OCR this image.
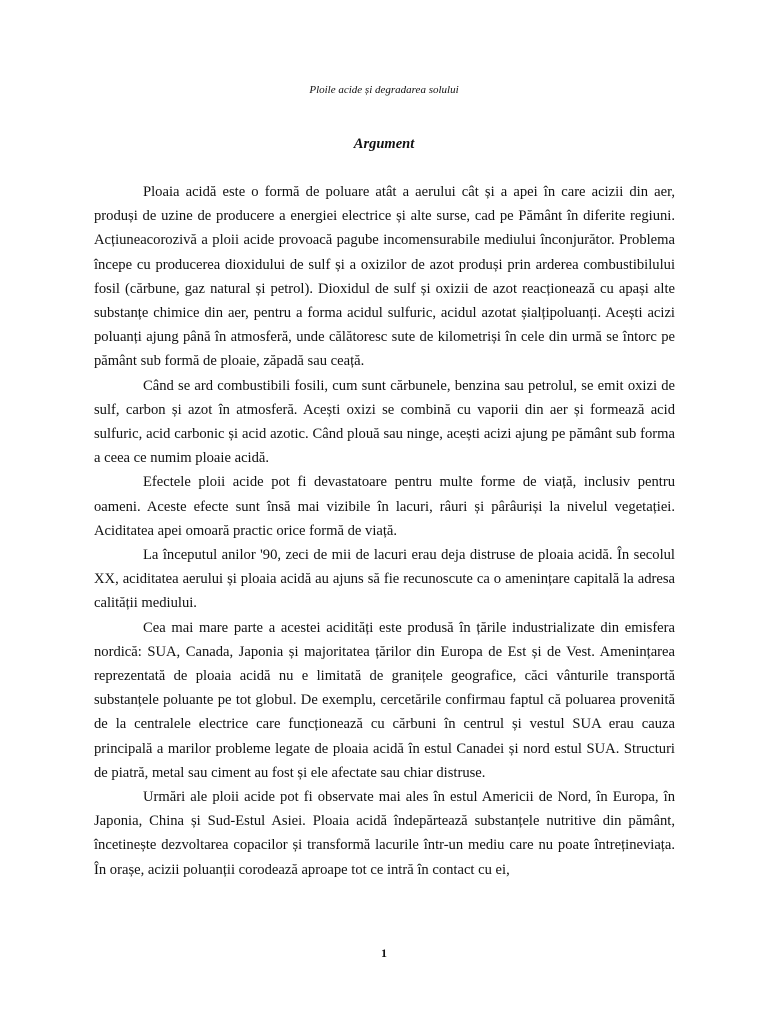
Ploile acide și degradarea solului
Argument

Ploaia acidă este o formă de poluare atât a aerului cât și a apei în care acizii din aer, produși de uzine de producere a energiei electrice și alte surse, cad pe Pământ în diferite regiuni. Acțiuneacorozivă a ploii acide provoacă pagube incomensurabile mediului înconjurător. Problema începe cu producerea dioxidului de sulf și a oxizilor de azot produși prin arderea combustibilului fosil (cărbune, gaz natural și petrol). Dioxidul de sulf și oxizii de azot reacționează cu apași alte substanțe chimice din aer, pentru a forma acidul sulfuric, acidul azotat șialțipoluanți. Acești acizi poluanți ajung până în atmosferă, unde călătoresc sute de kilometriși în cele din urmă se întorc pe pământ sub formă de ploaie, zăpadă sau ceață.

Când se ard combustibili fosili, cum sunt cărbunele, benzina sau petrolul, se emit oxizi de sulf, carbon și azot în atmosferă. Acești oxizi se combină cu vaporii din aer și formează acid sulfuric, acid carbonic și acid azotic. Când plouă sau ninge, acești acizi ajung pe pământ sub forma a ceea ce numim ploaie acidă.

Efectele ploii acide pot fi devastatoare pentru multe forme de viață, inclusiv pentru oameni. Aceste efecte sunt însă mai vizibile în lacuri, râuri și pârâuriși la nivelul vegetației. Aciditatea apei omoară practic orice formă de viață.

La începutul anilor '90, zeci de mii de lacuri erau deja distruse de ploaia acidă. În secolul XX, aciditatea aerului și ploaia acidă au ajuns să fie recunoscute ca o amenințare capitală la adresa calității mediului.

Cea mai mare parte a acestei acidități este produsă în țările industrializate din emisfera nordică: SUA, Canada, Japonia și majoritatea țărilor din Europa de Est și de Vest. Amenințarea reprezentată de ploaia acidă nu e limitată de granițele geografice, căci vânturile transportă substanțele poluante pe tot globul. De exemplu, cercetările confirmau faptul că poluarea provenită de la centralele electrice care funcționează cu cărbuni în centrul și vestul SUA erau cauza principală a marilor probleme legate de ploaia acidă în estul Canadei și nord estul SUA. Structuri de piatră, metal sau ciment au fost și ele afectate sau chiar distruse.

Urmări ale ploii acide pot fi observate mai ales în estul Americii de Nord, în Europa, în Japonia, China și Sud-Estul Asiei. Ploaia acidă îndepărtează substanțele nutritive din pământ, încetinește dezvoltarea copacilor și transformă lacurile într-un mediu care nu poate întrețineviața. În orașe, acizii poluanții corodează aproape tot ce intră în contact cu ei,

1
